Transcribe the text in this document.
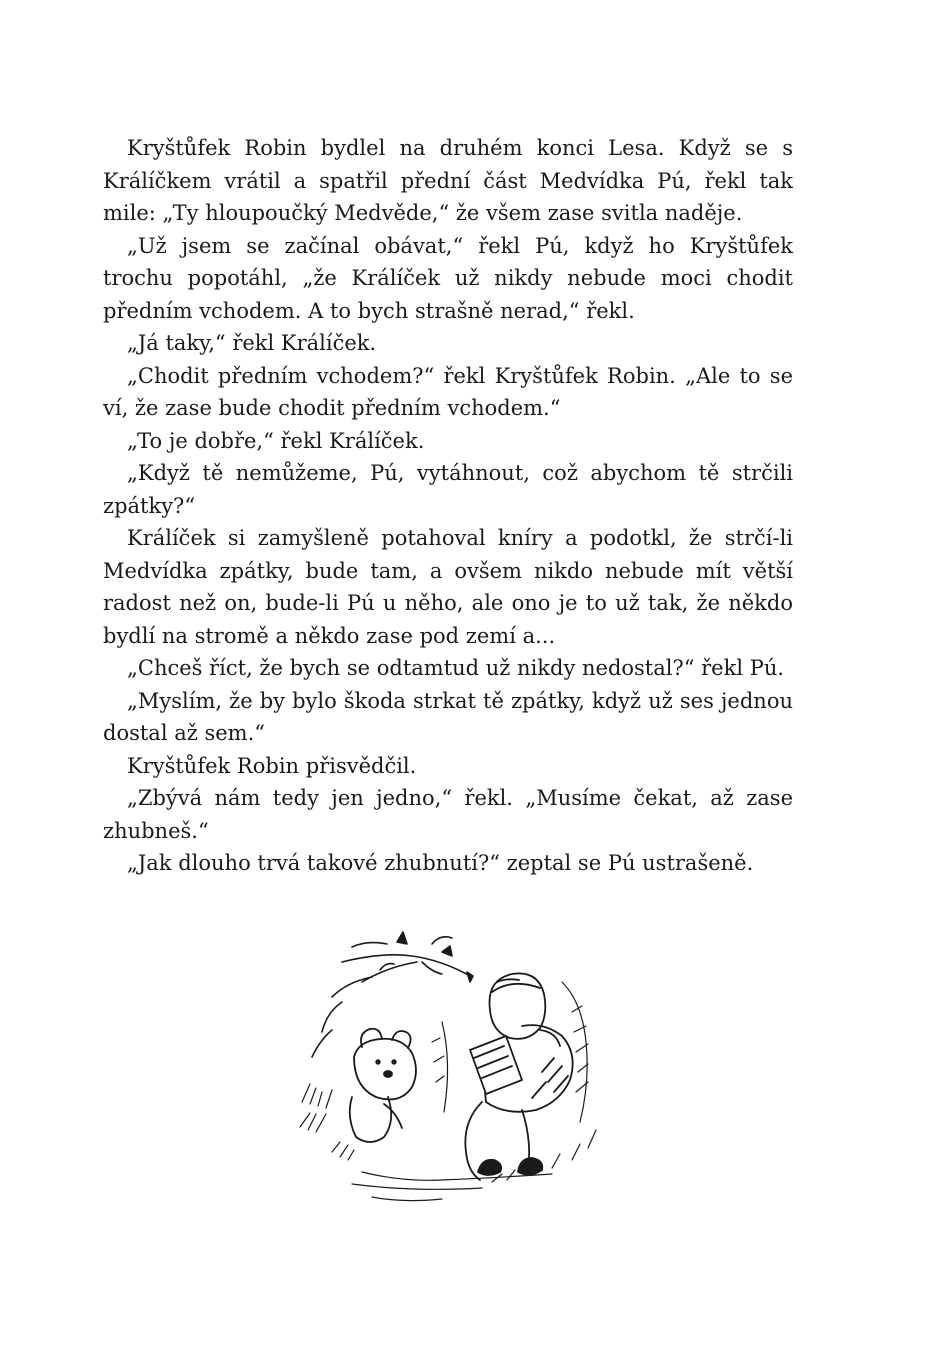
Kryštůfek Robin bydlel na druhém konci Lesa. Když se s Králíčkem vrátil a spatřil přední část Medvídka Pú, řekl tak mile: „Ty hloupoučký Medvěde,“ že všem zase svitla naděje.

„Už jsem se začínal obávat,“ řekl Pú, když ho Kryštůfek trochu popotáhl, „že Králíček už nikdy nebude moci chodit předním vchodem. A to bych strašně nerad,“ řekl.

„Já taky,“ řekl Králíček.

„Chodit předním vchodem?“ řekl Kryštůfek Robin. „Ale to se ví, že zase bude chodit předním vchodem.“

„To je dobře,“ řekl Králíček.

„Když tě nemůžeme, Pú, vytáhnout, což abychom tě strčili zpátky?“

Králíček si zamyšleně potahoval kníry a podotkl, že strčí-li Medvídka zpátky, bude tam, a ovšem nikdo nebude mít větší radost než on, bude-li Pú u něho, ale ono je to už tak, že někdo bydlí na stromě a někdo zase pod zemí a...

„Chceš říct, že bych se odtamtud už nikdy nedostal?“ řekl Pú.

„Myslím, že by bylo škoda strkat tě zpátky, když už ses jednou dostal až sem.“

Kryštůfek Robin přisvědčil.

„Zbývá nám tedy jen jedno,“ řekl. „Musíme čekat, až zase zhubneš.“

„Jak dlouho trvá takové zhubnutí?“ zeptal se Pú ustrašeně.
